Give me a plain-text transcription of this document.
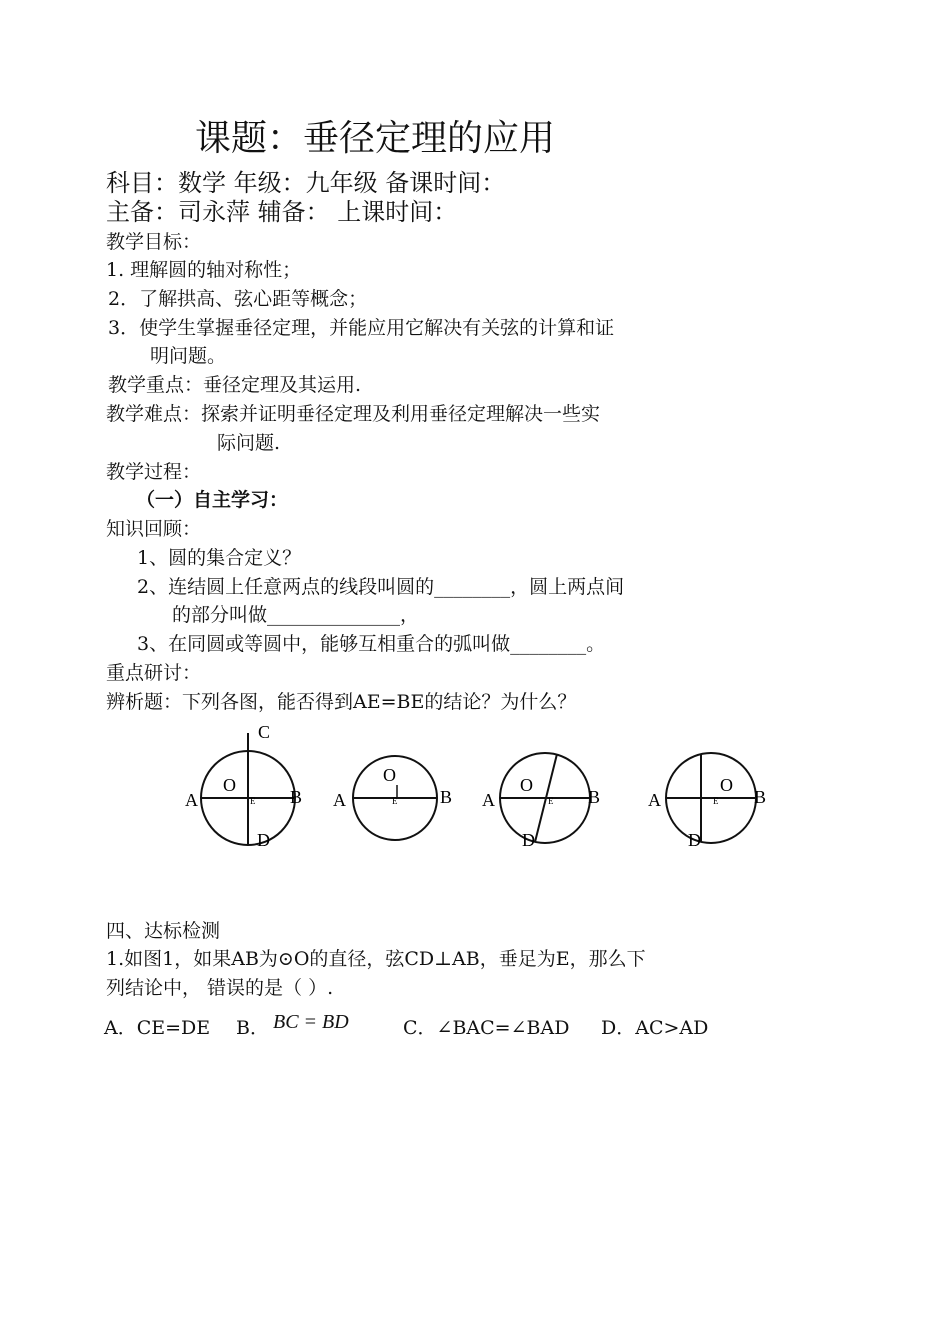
课题：垂径定理的应用
科目：数学 年级：九年级 备课时间：
主备：司永萍 辅备： 上课时间：
教学目标：
1. 理解圆的轴对称性；
2．了解拱高、弦心距等概念；
3．使学生掌握垂径定理，并能应用它解决有关弦的计算和证
明问题。
教学重点：垂径定理及其运用.
教学难点：探索并证明垂径定理及利用垂径定理解决一些实
际问题.
教学过程：
（一）自主学习：
知识回顾：
1、圆的集合定义？
2、连结圆上任意两点的线段叫圆的________，圆上两点间
的部分叫做______________，
3、在同圆或等圆中，能够互相重合的弧叫做________。
重点研讨：
辨析题：下列各图，能否得到AE=BE的结论？为什么？
C
A	B
O
E
D
O
A	B
E
O
A	B
E
D
O
A	B
E
D
四、达标检测
1.如图1，如果AB为⊙O的直径，弦CD⊥AB，垂足为E，那么下
列结论中， 错误的是（ ）.
A．CE=DE B． BC = BD	C．∠BAC=∠BAD D．AC>AD
